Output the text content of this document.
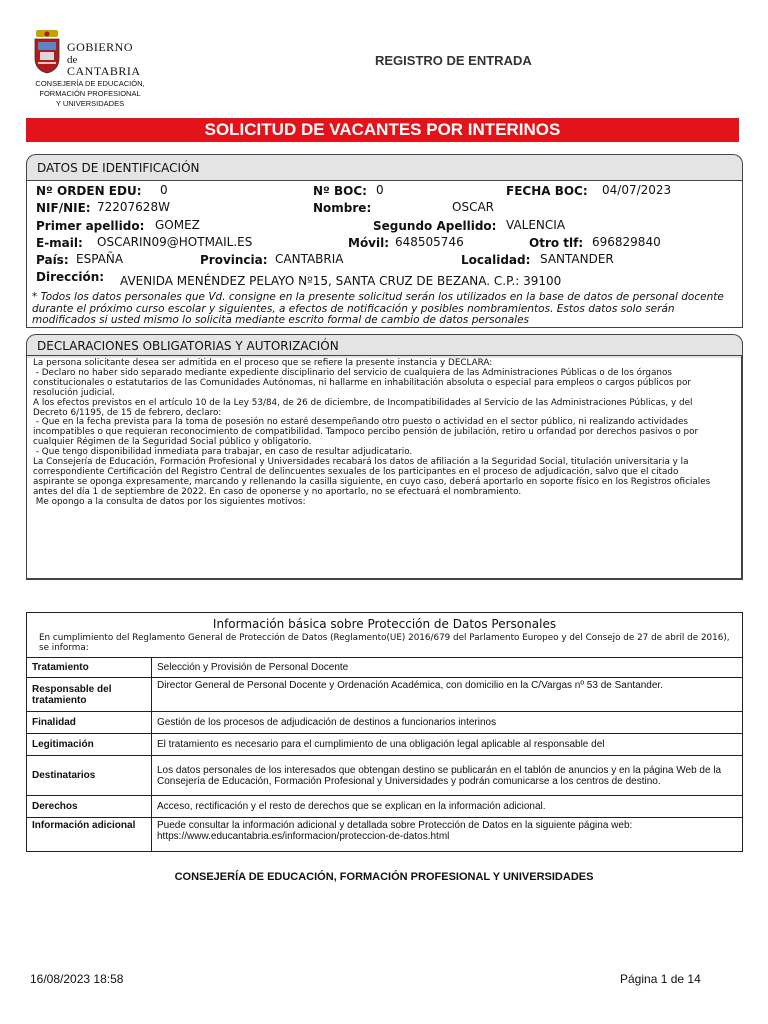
GOBIERNO
de
CANTABRIA
CONSEJERÍA DE EDUCACIÓN,
FORMACIÓN PROFESIONAL
Y UNIVERSIDADES
REGISTRO DE ENTRADA
SOLICITUD DE VACANTES POR INTERINOS
DATOS DE IDENTIFICACIÓN
Nº ORDEN EDU: 0	Nº BOC: 0	FECHA BOC: 04/07/2023
NIF/NIE: 72207628W	Nombre:	OSCAR
Primer apellido: GOMEZ	Segundo Apellido: VALENCIA
E-mail: OSCARIN09@HOTMAIL.ES	Móvil: 648505746	Otro tlf: 696829840
País: ESPAÑA	Provincia: CANTABRIA	Localidad: SANTANDER
Dirección: AVENIDA MENÉNDEZ PELAYO Nº15, SANTA CRUZ DE BEZANA. C.P.: 39100
* Todos los datos personales que Vd. consigne en la presente solicitud serán los utilizados en la base de datos de personal docente durante el próximo curso escolar y siguientes, a efectos de notificación y posibles nombramientos. Estos datos solo serán modificados si usted mismo lo solicita mediante escrito formal de cambio de datos personales
DECLARACIONES OBLIGATORIAS Y AUTORIZACIÓN
La persona solicitante desea ser admitida en el proceso que se refiere la presente instancia y DECLARA:
- Declaro no haber sido separado mediante expediente disciplinario del servicio de cualquiera de las Administraciones Públicas o de los órganos
constitucionales o estatutarios de las Comunidades Autónomas, ni hallarme en inhabilitación absoluta o especial para empleos o cargos públicos por
resolución judicial.
A los efectos previstos en el artículo 10 de la Ley 53/84, de 26 de diciembre, de Incompatibilidades al Servicio de las Administraciones Públicas, y del
Decreto 6/1195, de 15 de febrero, declaro:
- Que en la fecha prevista para la toma de posesión no estaré desempeñando otro puesto o actividad en el sector público, ni realizando actividades
incompatibles o que requieran reconocimiento de compatibilidad. Tampoco percibo pensión de jubilación, retiro u orfandad por derechos pasivos o por
cualquier Régimen de la Seguridad Social público y obligatorio.
- Que tengo disponibilidad inmediata para trabajar, en caso de resultar adjudicatario.
La Consejería de Educación, Formación Profesional y Universidades recabará los datos de afiliación a la Seguridad Social, titulación universitaria y la
correspondiente Certificación del Registro Central de delincuentes sexuales de los participantes en el proceso de adjudicación, salvo que el citado
aspirante se oponga expresamente, marcando y rellenando la casilla siguiente, en cuyo caso, deberá aportarlo en soporte físico en los Registros oficiales
antes del día 1 de septiembre de 2022. En caso de oponerse y no aportarlo, no se efectuará el nombramiento.
Me opongo a la consulta de datos por los siguientes motivos:
Información básica sobre Protección de Datos Personales
En cumplimiento del Reglamento General de Protección de Datos (Reglamento(UE) 2016/679 del Parlamento Europeo y del Consejo de 27 de abril de 2016), se informa:
Tratamiento	Selección y Provisión de Personal Docente
Responsable del tratamiento	Director General de Personal Docente y Ordenación Académica, con domicilio en la C/Vargas nº 53 de Santander.
Finalidad	Gestión de los procesos de adjudicación de destinos a funcionarios interinos
Legitimación	El tratamiento es necesario para el cumplimiento de una obligación legal aplicable al responsable del
Destinatarios	Los datos personales de los interesados que obtengan destino se publicarán en el tablón de anuncios y en la página Web de la Consejería de Educación, Formación Profesional y Universidades y podrán comunicarse a los centros de destino.
Derechos	Acceso, rectificación y el resto de derechos que se explican en la información adicional.
Información adicional	Puede consultar la información adicional y detallada sobre Protección de Datos en la siguiente página web: https://www.educantabria.es/informacion/proteccion-de-datos.html
CONSEJERÍA DE EDUCACIÓN, FORMACIÓN PROFESIONAL Y UNIVERSIDADES
16/08/2023 18:58	Página 1 de 14
